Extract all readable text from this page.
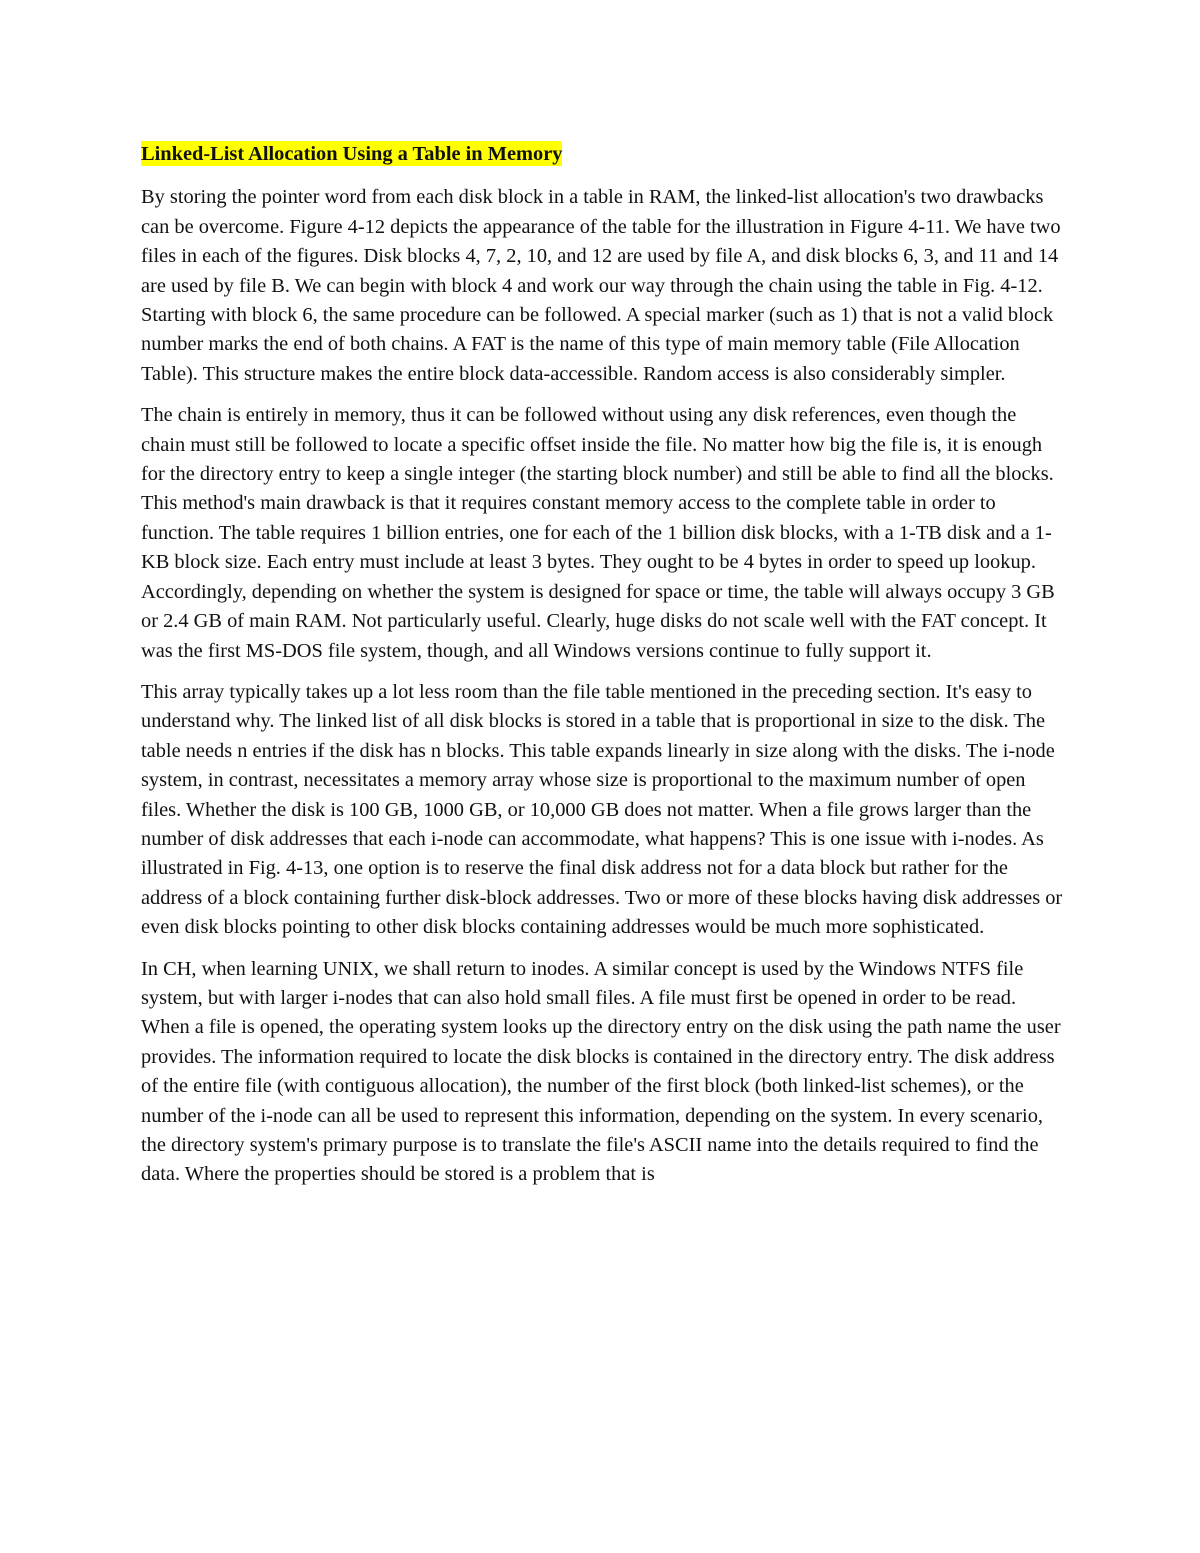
Linked-List Allocation Using a Table in Memory

By storing the pointer word from each disk block in a table in RAM, the linked-list allocation's two drawbacks can be overcome. Figure 4-12 depicts the appearance of the table for the illustration in Figure 4-11. We have two files in each of the figures. Disk blocks 4, 7, 2, 10, and 12 are used by file A, and disk blocks 6, 3, and 11 and 14 are used by file B. We can begin with block 4 and work our way through the chain using the table in Fig. 4-12. Starting with block 6, the same procedure can be followed. A special marker (such as 1) that is not a valid block number marks the end of both chains. A FAT is the name of this type of main memory table (File Allocation Table). This structure makes the entire block data-accessible. Random access is also considerably simpler.

The chain is entirely in memory, thus it can be followed without using any disk references, even though the chain must still be followed to locate a specific offset inside the file. No matter how big the file is, it is enough for the directory entry to keep a single integer (the starting block number) and still be able to find all the blocks. This method's main drawback is that it requires constant memory access to the complete table in order to function. The table requires 1 billion entries, one for each of the 1 billion disk blocks, with a 1-TB disk and a 1-KB block size. Each entry must include at least 3 bytes. They ought to be 4 bytes in order to speed up lookup. Accordingly, depending on whether the system is designed for space or time, the table will always occupy 3 GB or 2.4 GB of main RAM. Not particularly useful. Clearly, huge disks do not scale well with the FAT concept. It was the first MS-DOS file system, though, and all Windows versions continue to fully support it.

This array typically takes up a lot less room than the file table mentioned in the preceding section. It's easy to understand why. The linked list of all disk blocks is stored in a table that is proportional in size to the disk. The table needs n entries if the disk has n blocks. This table expands linearly in size along with the disks. The i-node system, in contrast, necessitates a memory array whose size is proportional to the maximum number of open files. Whether the disk is 100 GB, 1000 GB, or 10,000 GB does not matter. When a file grows larger than the number of disk addresses that each i-node can accommodate, what happens? This is one issue with i-nodes. As illustrated in Fig. 4-13, one option is to reserve the final disk address not for a data block but rather for the address of a block containing further disk-block addresses. Two or more of these blocks having disk addresses or even disk blocks pointing to other disk blocks containing addresses would be much more sophisticated.

In CH, when learning UNIX, we shall return to inodes. A similar concept is used by the Windows NTFS file system, but with larger i-nodes that can also hold small files. A file must first be opened in order to be read. When a file is opened, the operating system looks up the directory entry on the disk using the path name the user provides. The information required to locate the disk blocks is contained in the directory entry. The disk address of the entire file (with contiguous allocation), the number of the first block (both linked-list schemes), or the number of the i-node can all be used to represent this information, depending on the system. In every scenario, the directory system's primary purpose is to translate the file's ASCII name into the details required to find the data. Where the properties should be stored is a problem that is
